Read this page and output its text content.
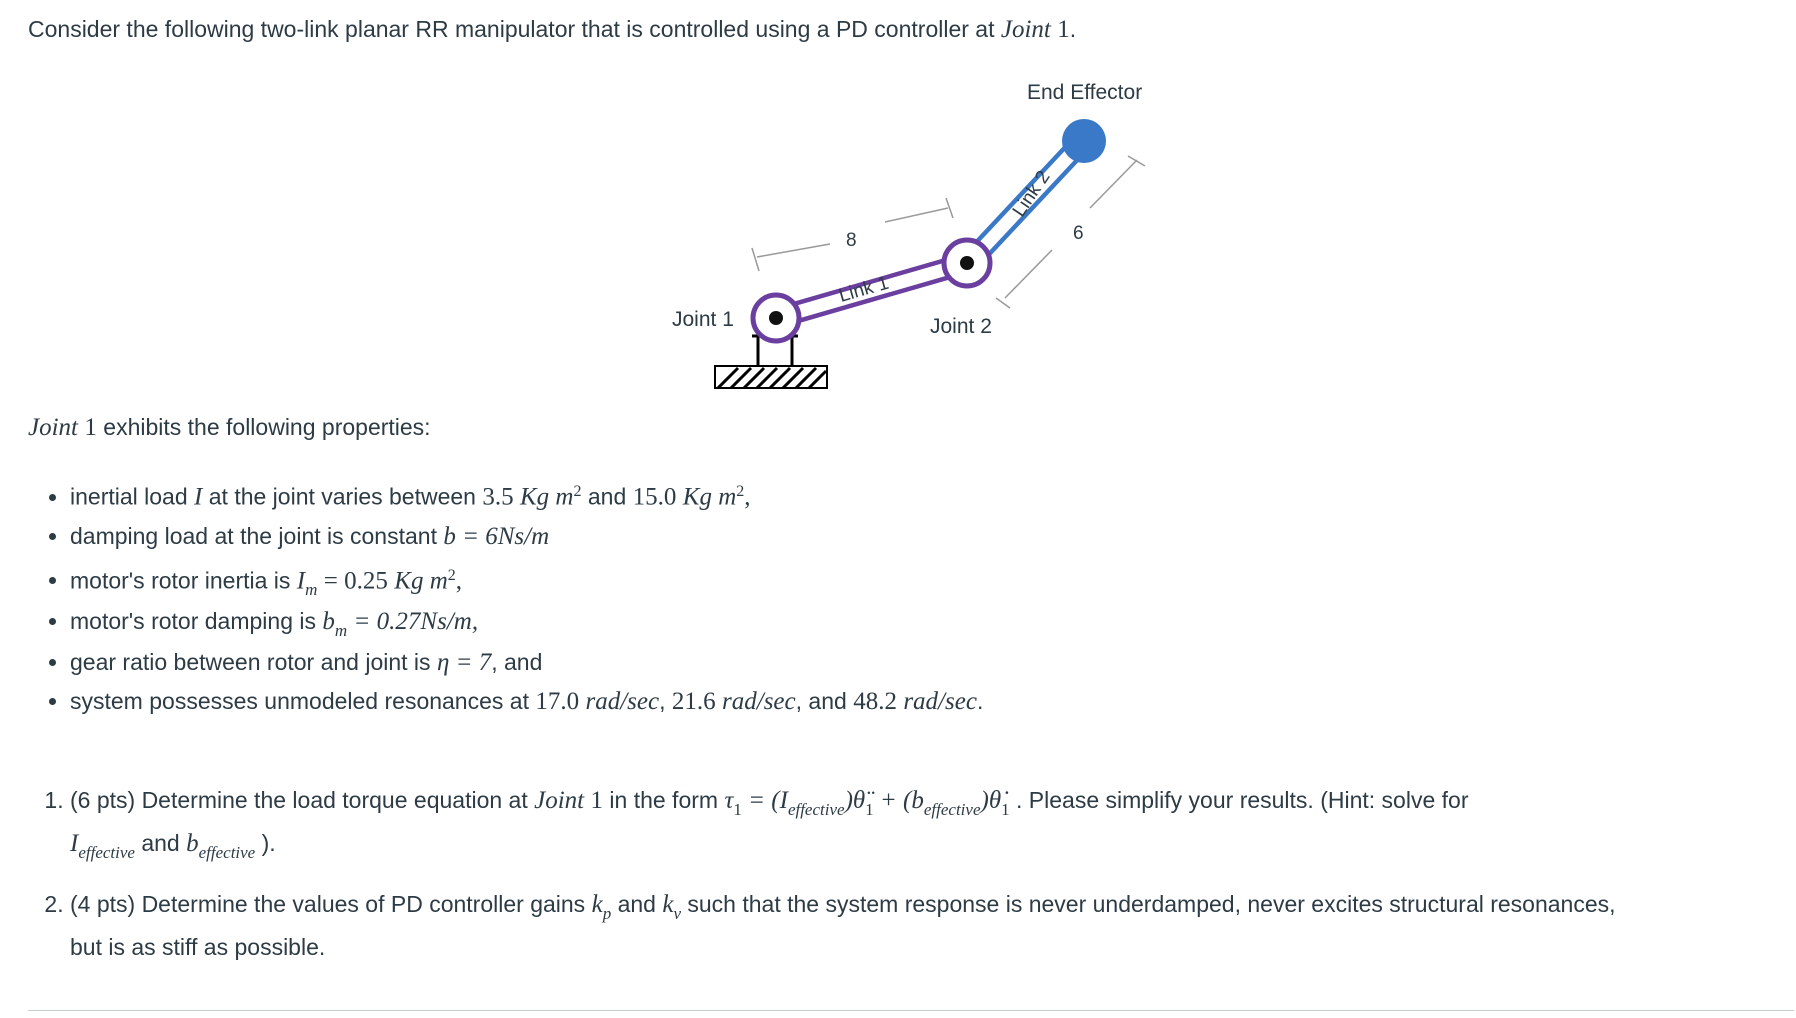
Consider the following two-link planar RR manipulator that is controlled using a PD controller at Joint 1.
End Effector
Joint 1	Joint 2
8	6
Link 1
Link 2
Joint 1 exhibits the following properties:
• inertial load I at the joint varies between 3.5 Kg $m^2$ and 15.0 Kg $m^2$,
• damping load at the joint is constant b = 6Ns/m
• motor's rotor inertia is $I_m = 0.25$ Kg $m^2$,
• motor's rotor damping is $b_m = 0.27Ns/m$,
• gear ratio between rotor and joint is η = 7, and
• system possesses unmodeled resonances at 17.0 rad/sec, 21.6 rad/sec, and 48.2 rad/sec.
1. (6 pts) Determine the load torque equation at Joint 1 in the form $\tau_1$ = $(I_{effective})\thetä_1$ + $(b_{effective})\thetȧ_1$ . Please simplify your results. (Hint: solve for
$I_{effective}$ and $b_{effective}$ ).
2. (4 pts) Determine the values of PD controller gains $k_p$ and $k_v$ such that the system response is never underdamped, never excites structural resonances,
but is as stiff as possible.
